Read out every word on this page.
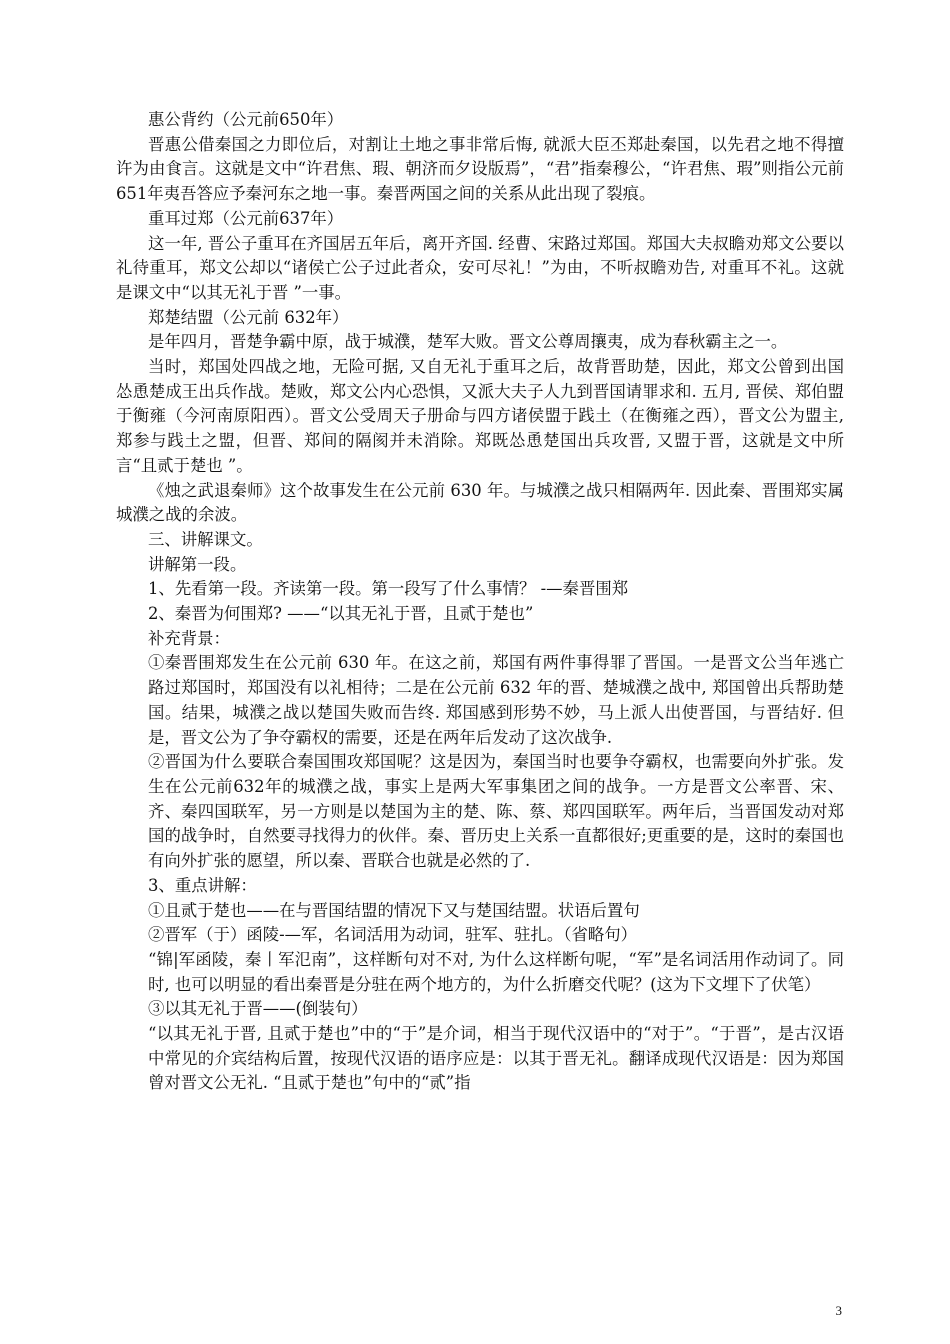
惠公背约（公元前650年）

晋惠公借秦国之力即位后，对割让土地之事非常后悔, 就派大臣丕郑赴秦国，以先君之地不得擅许为由食言。这就是文中“许君焦、瑕、朝济而夕设版焉”，“君”指秦穆公，“许君焦、瑕”则指公元前651年夷吾答应予秦河东之地一事。秦晋两国之间的关系从此出现了裂痕。

重耳过郑（公元前637年）

这一年, 晋公子重耳在齐国居五年后，离开齐国. 经曹、宋路过郑国。郑国大夫叔瞻劝郑文公要以礼待重耳，郑文公却以“诸侯亡公子过此者众，安可尽礼！”为由，不听叔瞻劝告, 对重耳不礼。这就是课文中“以其无礼于晋 ”一事。

郑楚结盟（公元前 632年）

是年四月，晋楚争霸中原，战于城濮，楚军大败。晋文公尊周攘夷，成为春秋霸主之一。

当时，郑国处四战之地，无险可据, 又自无礼于重耳之后，故背晋助楚，因此，郑文公曾到出国怂恿楚成王出兵作战。楚败，郑文公内心恐惧，又派大夫子人九到晋国请罪求和. 五月, 晋侯、郑伯盟于衡雍（今河南原阳西）。晋文公受周天子册命与四方诸侯盟于践土（在衡雍之西），晋文公为盟主, 郑参与践土之盟，但晋、郑间的隔阂并未消除。郑既怂恿楚国出兵攻晋, 又盟于晋，这就是文中所言“且贰于楚也 ”。

《烛之武退秦师》这个故事发生在公元前 630 年。与城濮之战只相隔两年. 因此秦、晋围郑实属城濮之战的余波。

三、讲解课文。

讲解第一段。

1、先看第一段。齐读第一段。第一段写了什么事情？ -—秦晋围郑

2、秦晋为何围郑? ——“以其无礼于晋，且贰于楚也”

补充背景：

①秦晋围郑发生在公元前 630 年。在这之前，郑国有两件事得罪了晋国。一是晋文公当年逃亡路过郑国时，郑国没有以礼相待；二是在公元前 632 年的晋、楚城濮之战中, 郑国曾出兵帮助楚国。结果，城濮之战以楚国失败而告终. 郑国感到形势不妙，马上派人出使晋国，与晋结好. 但是，晋文公为了争夺霸权的需要，还是在两年后发动了这次战争.

②晋国为什么要联合秦国围攻郑国呢？这是因为，秦国当时也要争夺霸权，也需要向外扩张。发生在公元前632年的城濮之战，事实上是两大军事集团之间的战争。一方是晋文公率晋、宋、齐、秦四国联军，另一方则是以楚国为主的楚、陈、蔡、郑四国联军。两年后，当晋国发动对郑国的战争时，自然要寻找得力的伙伴。秦、晋历史上关系一直都很好;更重要的是，这时的秦国也有向外扩张的愿望，所以秦、晋联合也就是必然的了.

3、重点讲解：

①且贰于楚也——在与晋国结盟的情况下又与楚国结盟。状语后置句

②晋军（于）函陵-—军，名词活用为动词，驻军、驻扎。（省略句）

“锦|军函陵，秦丨军氾南”，这样断句对不对, 为什么这样断句呢，“军”是名词活用作动词了。同时, 也可以明显的看出秦晋是分驻在两个地方的，为什么折磨交代呢？(这为下文埋下了伏笔）

③以其无礼于晋——(倒装句）

“以其无礼于晋, 且贰于楚也”中的“于”是介词，相当于现代汉语中的“对于”。“于晋”，是古汉语中常见的介宾结构后置，按现代汉语的语序应是：以其于晋无礼。翻译成现代汉语是：因为郑国曾对晋文公无礼. “且贰于楚也”句中的“贰”指

3
